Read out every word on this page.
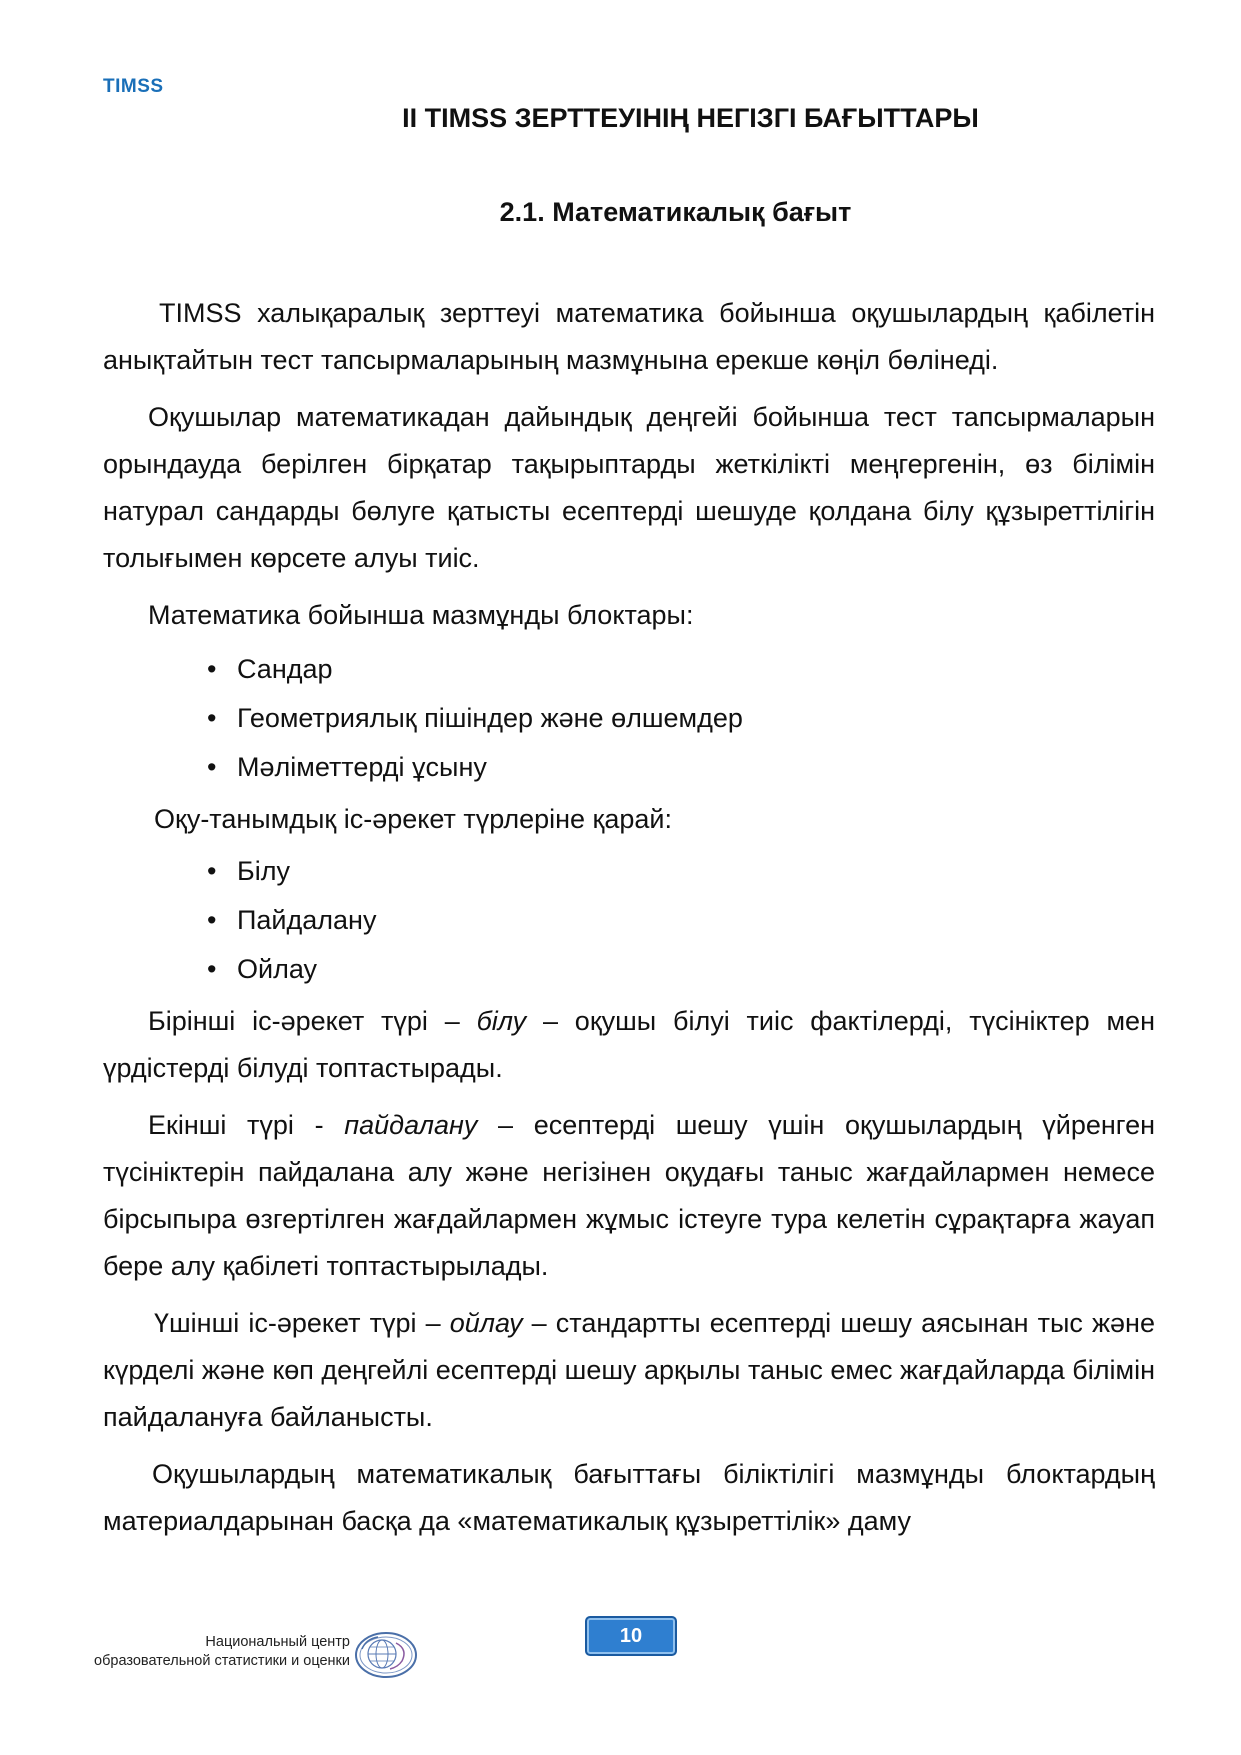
TIMSS
II TIMSS ЗЕРТТЕУІНІҢ НЕГІЗГІ БАҒЫТТАРЫ
2.1. Математикалық бағыт

TIMSS халықаралық зерттеуі математика бойынша оқушылардың қабілетін анықтайтын тест тапсырмаларының мазмұнына ерекше көңіл бөлінеді.

Оқушылар математикадан дайындық деңгейі бойынша тест тапсырмаларын орындауда берілген бірқатар тақырыптарды жеткілікті меңгергенін, өз білімін натурал сандарды бөлуге қатысты есептерді шешуде қолдана білу құзыреттілігін толығымен көрсете алуы тиіс.

Математика бойынша мазмұнды блоктары:

• Сандар
• Геометриялық пішіндер және өлшемдер
• Мәліметтерді ұсыну

Оқу-танымдық іс-әрекет түрлеріне қарай:

• Білу
• Пайдалану
• Ойлау

Бірінші іс-әрекет түрі – білу – оқушы білуі тиіс фактілерді, түсініктер мен үрдістерді білуді топтастырады.

Екінші түрі - пайдалану – есептерді шешу үшін оқушылардың үйренген түсініктерін пайдалана алу және негізінен оқудағы таныс жағдайлармен немесе бірсыпыра өзгертілген жағдайлармен жұмыс істеуге тура келетін сұрақтарға жауап бере алу қабілеті топтастырылады.

Үшінші іс-әрекет түрі – ойлау – стандартты есептерді шешу аясынан тыс және күрделі және көп деңгейлі есептерді шешу арқылы таныс емес жағдайларда білімін пайдалануға байланысты.

Оқушылардың математикалық бағыттағы біліктілігі мазмұнды блоктардың материалдарынан басқа да «математикалық құзыреттілік» даму

10
Национальный центр
образовательной статистики и оценки
